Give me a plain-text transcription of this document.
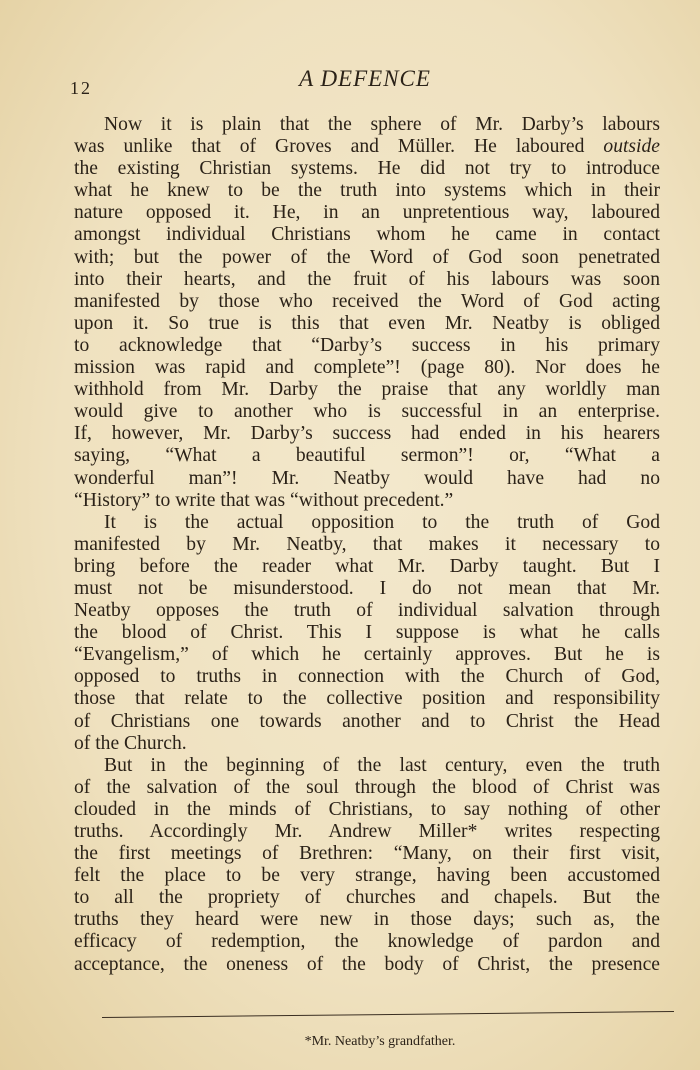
12	A DEFENCE
Now it is plain that the sphere of Mr. Darby’s labours
was unlike that of Groves and Müller. He laboured outside
the existing Christian systems. He did not try to introduce
what he knew to be the truth into systems which in their
nature opposed it. He, in an unpretentious way, laboured
amongst individual Christians whom he came in contact
with; but the power of the Word of God soon penetrated
into their hearts, and the fruit of his labours was soon
manifested by those who received the Word of God acting
upon it. So true is this that even Mr. Neatby is obliged
to acknowledge that “Darby’s success in his primary
mission was rapid and complete”! (page 80). Nor does he
withhold from Mr. Darby the praise that any worldly man
would give to another who is successful in an enterprise.
If, however, Mr. Darby’s success had ended in his hearers
saying, “What a beautiful sermon”! or, “What a
wonderful man”! Mr. Neatby would have had no
“History” to write that was “without precedent.”
It is the actual opposition to the truth of God
manifested by Mr. Neatby, that makes it necessary to
bring before the reader what Mr. Darby taught. But I
must not be misunderstood. I do not mean that Mr.
Neatby opposes the truth of individual salvation through
the blood of Christ. This I suppose is what he calls
“Evangelism,” of which he certainly approves. But he is
opposed to truths in connection with the Church of God,
those that relate to the collective position and responsibility
of Christians one towards another and to Christ the Head
of the Church.
But in the beginning of the last century, even the truth
of the salvation of the soul through the blood of Christ was
clouded in the minds of Christians, to say nothing of other
truths. Accordingly Mr. Andrew Miller* writes respecting
the first meetings of Brethren: “Many, on their first visit,
felt the place to be very strange, having been accustomed
to all the propriety of churches and chapels. But the
truths they heard were new in those days; such as, the
efficacy of redemption, the knowledge of pardon and
acceptance, the oneness of the body of Christ, the presence
*Mr. Neatby’s grandfather.
